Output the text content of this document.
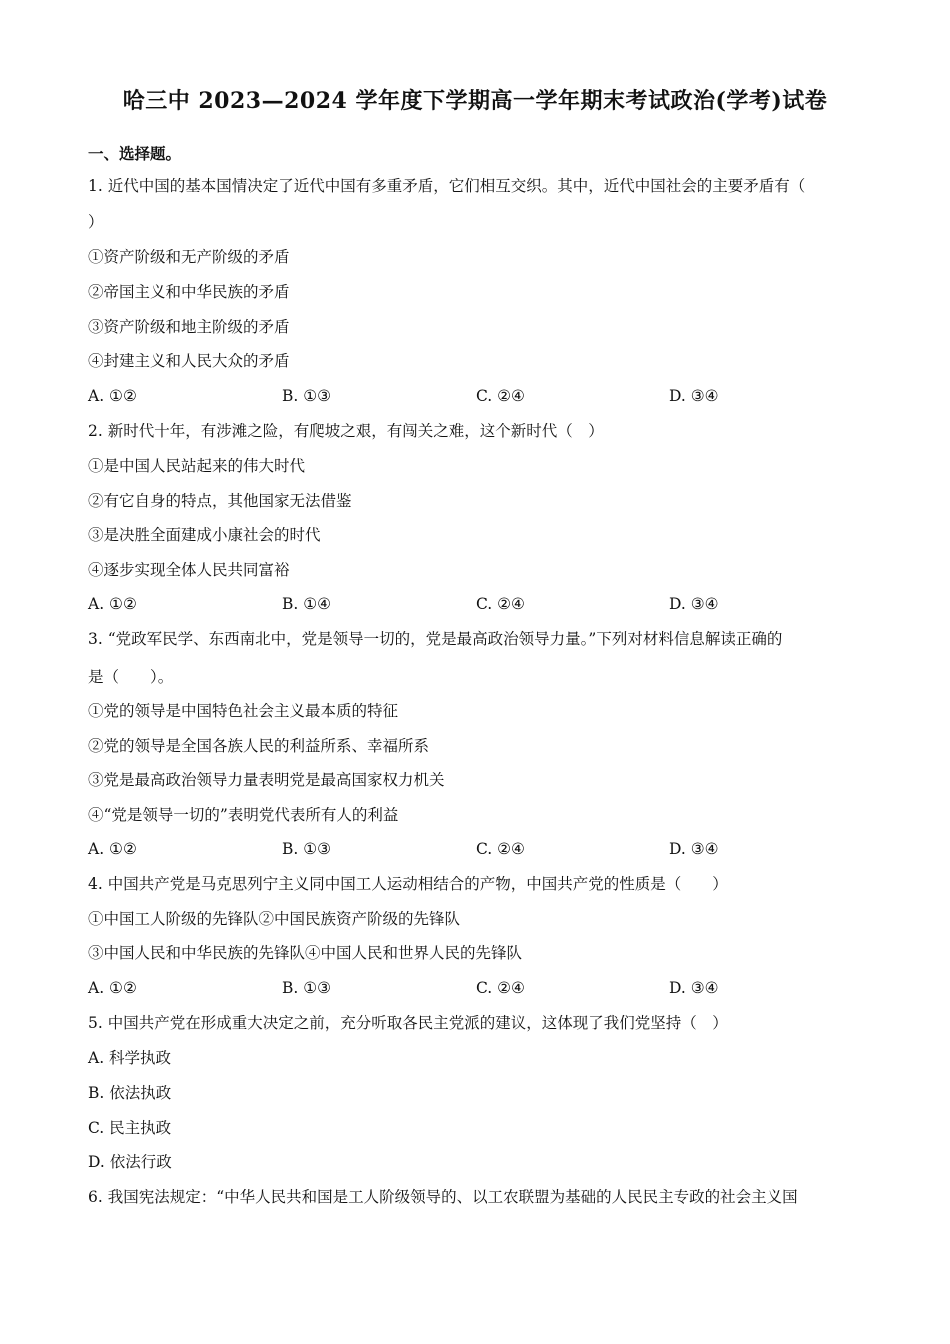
哈三中 2023—2024 学年度下学期高一学年期末考试政治(学考)试卷
一、选择题。
1. 近代中国的基本国情决定了近代中国有多重矛盾，它们相互交织。其中，近代中国社会的主要矛盾有（
）
①资产阶级和无产阶级的矛盾
②帝国主义和中华民族的矛盾
③资产阶级和地主阶级的矛盾
④封建主义和人民大众的矛盾
A. ①②	B. ①③	C. ②④	D. ③④
2. 新时代十年，有涉滩之险，有爬坡之艰，有闯关之难，这个新时代（　）
①是中国人民站起来的伟大时代
②有它自身的特点，其他国家无法借鉴
③是决胜全面建成小康社会的时代
④逐步实现全体人民共同富裕
A. ①②	B. ①④	C. ②④	D. ③④
3. “党政军民学、东西南北中，党是领导一切的，党是最高政治领导力量。”下列对材料信息解读正确的
是（　　）。
①党的领导是中国特色社会主义最本质的特征
②党的领导是全国各族人民的利益所系、幸福所系
③党是最高政治领导力量表明党是最高国家权力机关
④“党是领导一切的”表明党代表所有人的利益
A. ①②	B. ①③	C. ②④	D. ③④
4. 中国共产党是马克思列宁主义同中国工人运动相结合的产物，中国共产党的性质是（　　）
①中国工人阶级的先锋队②中国民族资产阶级的先锋队
③中国人民和中华民族的先锋队④中国人民和世界人民的先锋队
A. ①②	B. ①③	C. ②④	D. ③④
5. 中国共产党在形成重大决定之前，充分听取各民主党派的建议，这体现了我们党坚持（　）
A. 科学执政
B. 依法执政
C. 民主执政
D. 依法行政
6. 我国宪法规定：“中华人民共和国是工人阶级领导的、以工农联盟为基础的人民民主专政的社会主义国
